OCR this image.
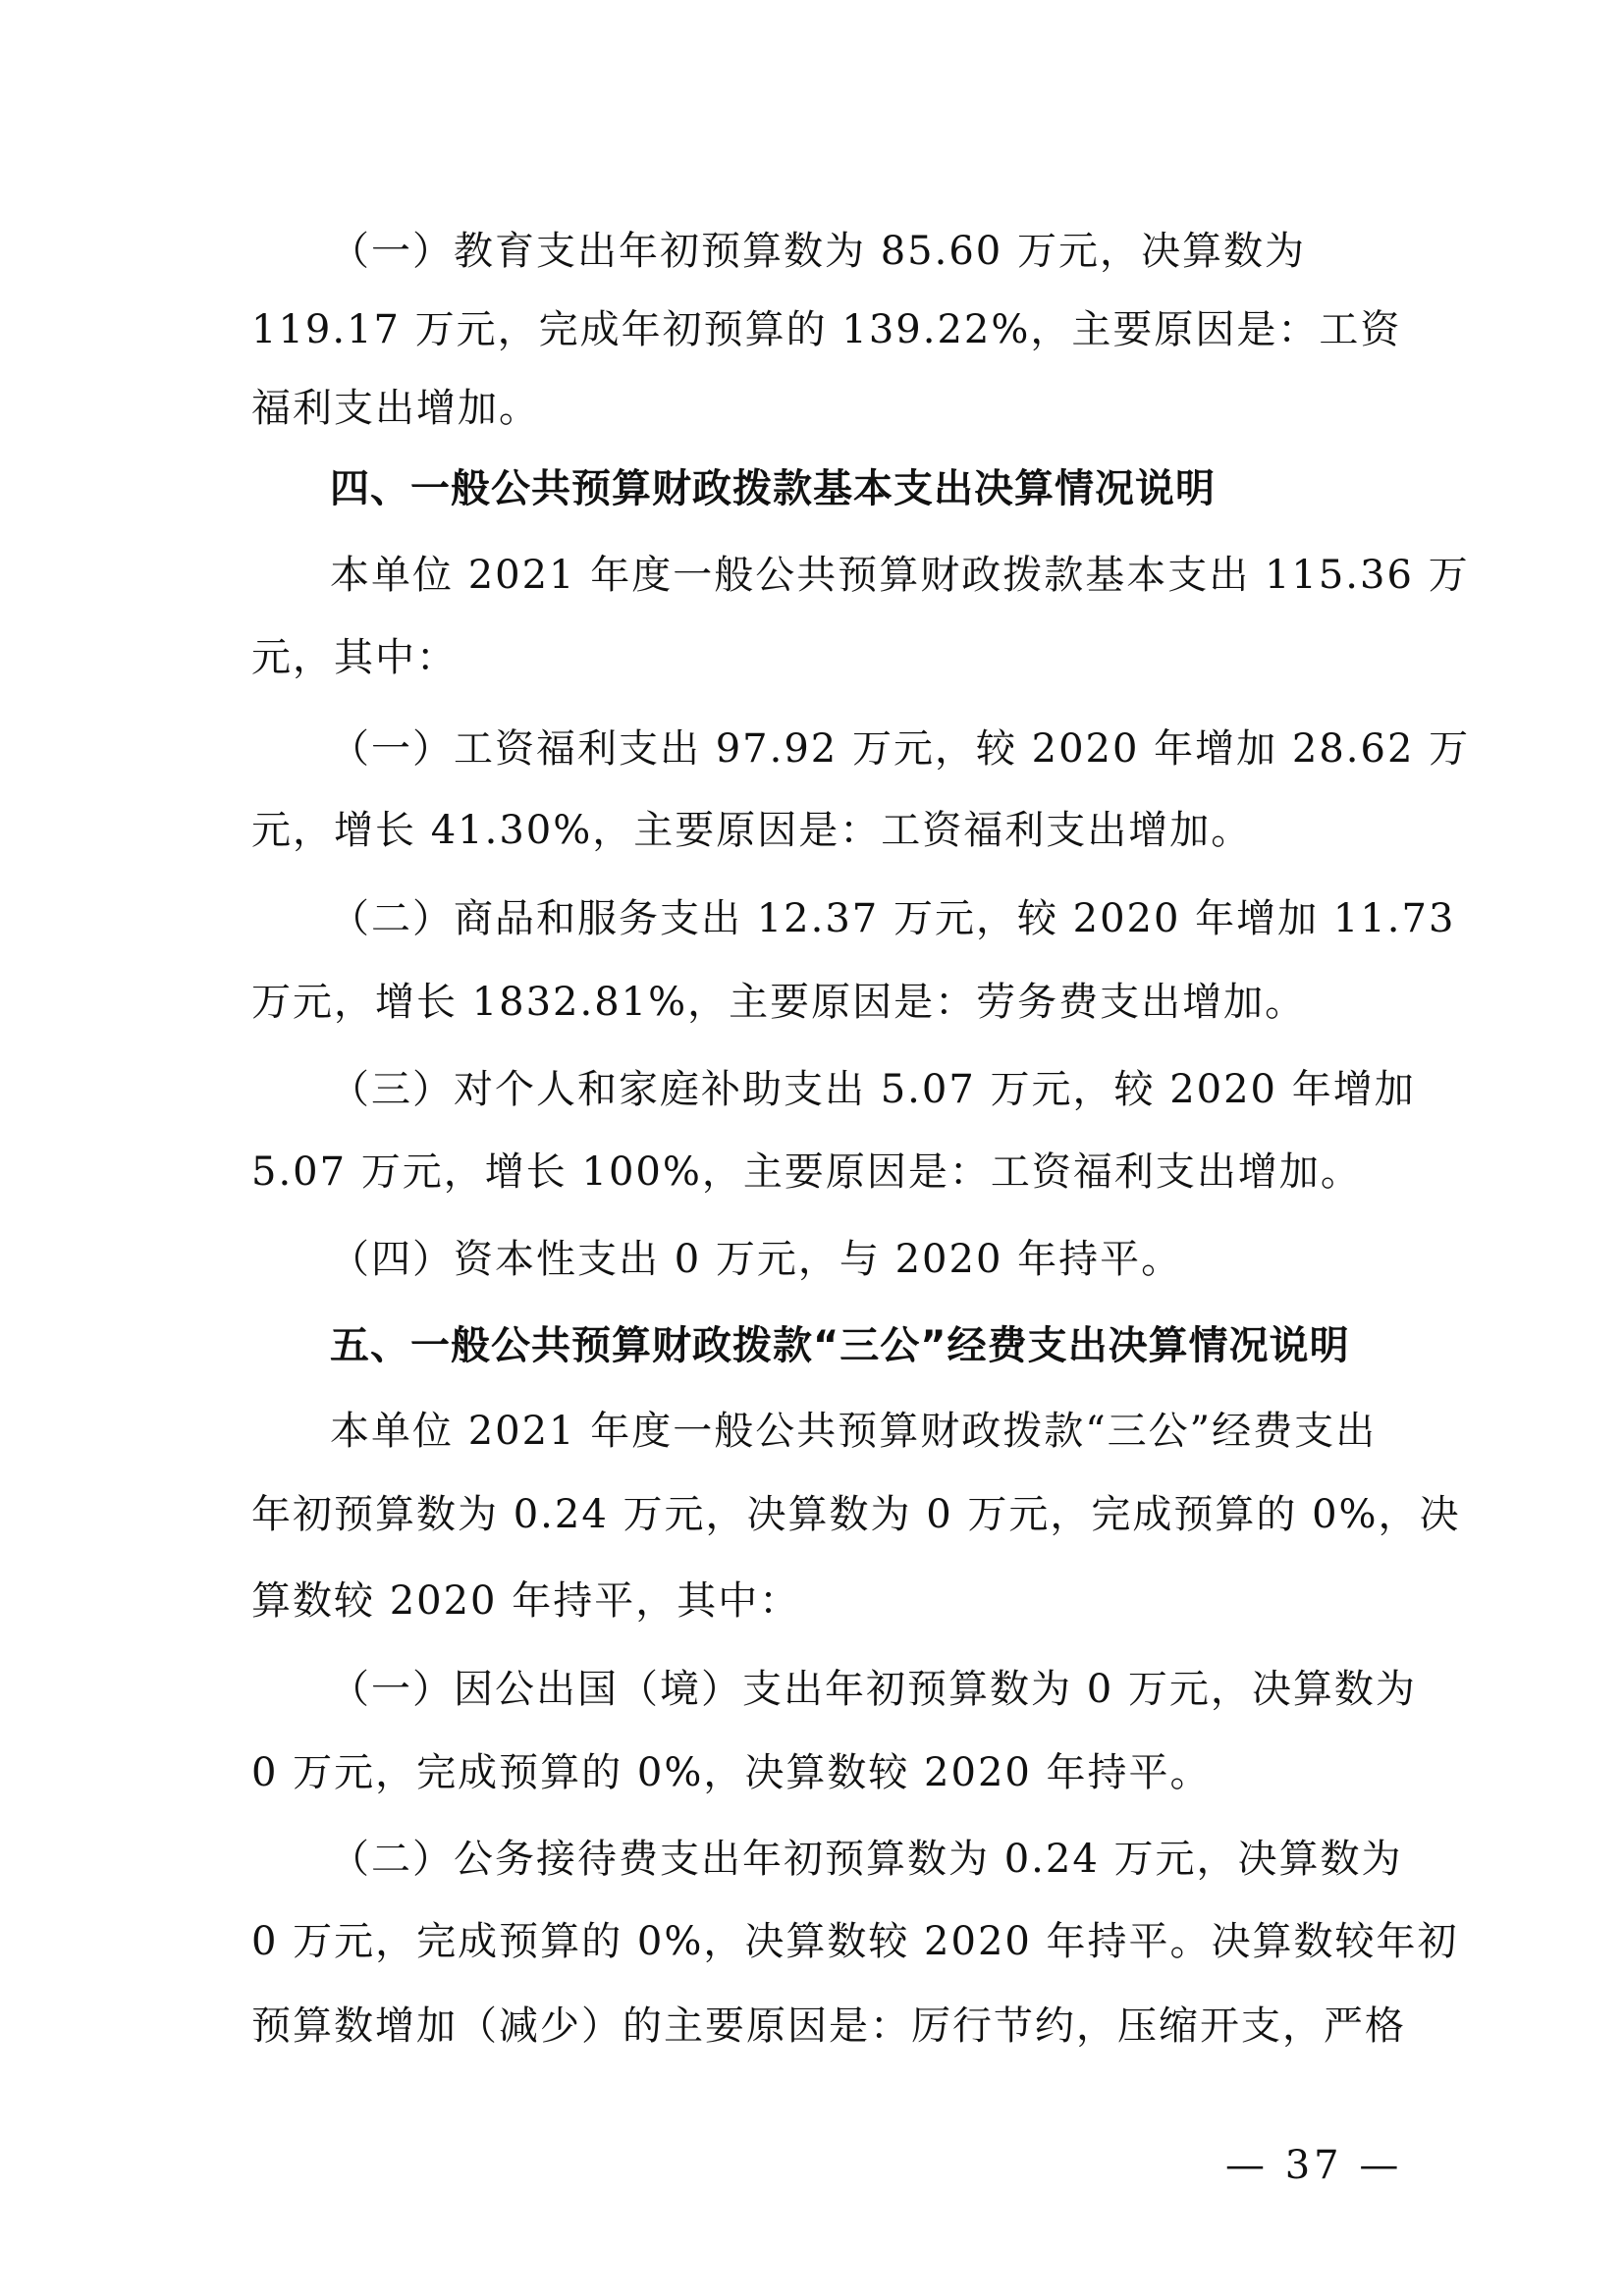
（一）教育支出年初预算数为 85.60 万元，决算数为
119.17 万元，完成年初预算的 139.22%，主要原因是：工资
福利支出增加。
四、一般公共预算财政拨款基本支出决算情况说明
本单位 2021 年度一般公共预算财政拨款基本支出 115.36 万
元，其中：
（一）工资福利支出 97.92 万元，较 2020 年增加 28.62 万
元，增长 41.30%，主要原因是：工资福利支出增加。
（二）商品和服务支出 12.37 万元，较 2020 年增加 11.73
万元，增长 1832.81%，主要原因是：劳务费支出增加。
（三）对个人和家庭补助支出 5.07 万元，较 2020 年增加
5.07 万元，增长 100%，主要原因是：工资福利支出增加。
（四）资本性支出 0 万元，与 2020 年持平。
五、一般公共预算财政拨款“三公”经费支出决算情况说明
本单位 2021 年度一般公共预算财政拨款“三公”经费支出
年初预算数为 0.24 万元，决算数为 0 万元，完成预算的 0%，决
算数较 2020 年持平，其中：
（一）因公出国（境）支出年初预算数为 0 万元，决算数为
0 万元，完成预算的 0%，决算数较 2020 年持平。
（二）公务接待费支出年初预算数为 0.24 万元，决算数为
0 万元，完成预算的 0%，决算数较 2020 年持平。决算数较年初
预算数增加（减少）的主要原因是：厉行节约，压缩开支，严格
— 37 —
